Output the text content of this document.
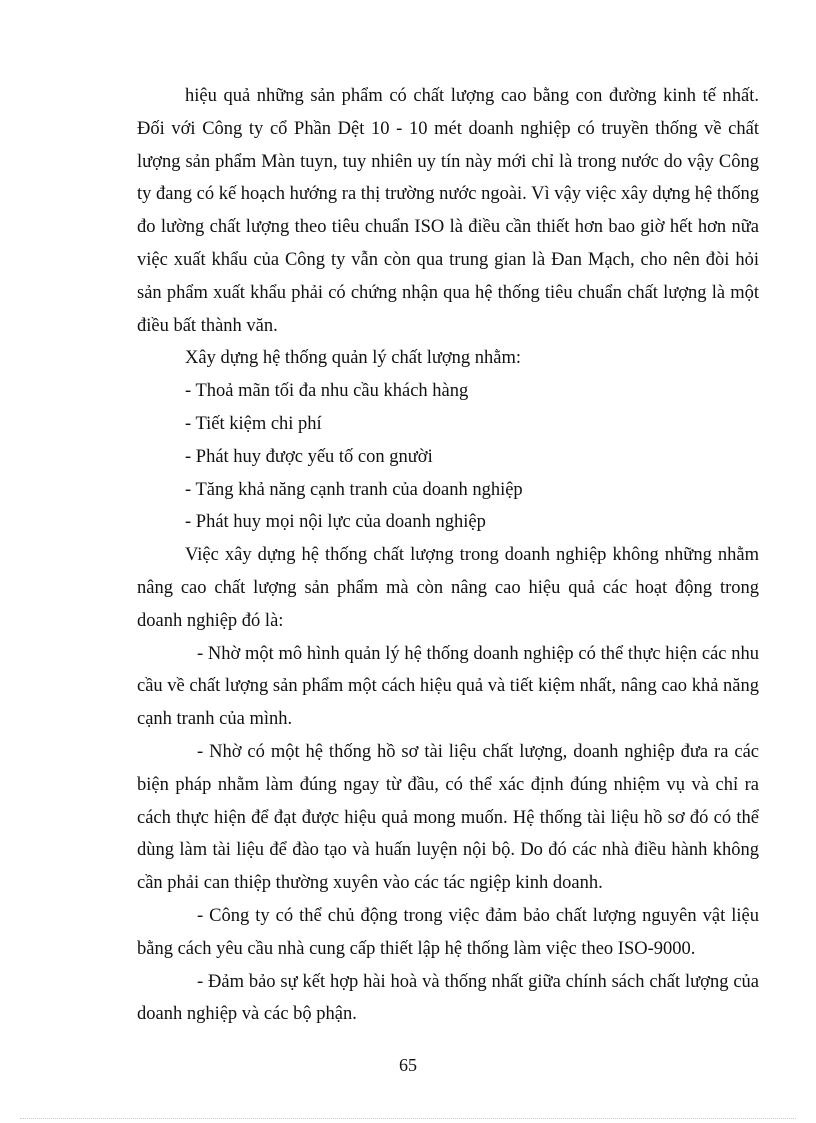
hiệu quả những sản phẩm có chất lượng cao bằng con đường kinh tế nhất. Đối với Công ty cổ Phần Dệt 10 - 10 mét doanh nghiệp có truyền thống về chất lượng sản phẩm Màn tuyn, tuy nhiên uy tín này mới chỉ là trong nước do vậy Công ty đang có kế hoạch hướng ra thị trường nước ngoài. Vì vậy việc xây dựng hệ thống đo lường chất lượng theo tiêu chuẩn ISO là điều cần thiết hơn bao giờ hết hơn nữa việc xuất khẩu của Công ty vẫn còn qua trung gian là Đan Mạch, cho nên đòi hỏi sản phẩm xuất khẩu phải có chứng nhận qua hệ thống tiêu chuẩn chất lượng là một điều bất thành văn.

Xây dựng hệ thống quản lý chất lượng nhằm:

- Thoả mãn tối đa nhu cầu khách hàng

- Tiết kiệm chi phí

- Phát huy được yếu tố con gnười

- Tăng khả năng cạnh tranh của doanh nghiệp

- Phát huy mọi nội lực của doanh nghiệp

Việc xây dựng hệ thống chất lượng trong doanh nghiệp không những nhằm nâng cao chất lượng sản phẩm mà còn nâng cao hiệu quả các hoạt động trong doanh nghiệp đó là:

- Nhờ một mô hình quản lý hệ thống doanh nghiệp có thể thực hiện các nhu cầu về chất lượng sản phẩm một cách hiệu quả và tiết kiệm nhất, nâng cao khả năng cạnh tranh của mình.

- Nhờ có một hệ thống hồ sơ tài liệu chất lượng, doanh nghiệp đưa ra các biện pháp nhằm làm đúng ngay từ đầu, có thể xác định đúng nhiệm vụ và chỉ ra cách thực hiện để đạt được hiệu quả mong muốn. Hệ thống tài liệu hồ sơ đó có thể dùng làm tài liệu để đào tạo và huấn luyện nội bộ. Do đó các nhà điều hành không cần phải can thiệp thường xuyên vào các tác ngiệp kinh doanh.

- Công ty có thể chủ động trong việc đảm bảo chất lượng nguyên vật liệu bằng cách yêu cầu nhà cung cấp thiết lập hệ thống làm việc theo ISO-9000.

- Đảm bảo sự kết hợp hài hoà và thống nhất giữa chính sách chất lượng của doanh nghiệp và các bộ phận.

65
